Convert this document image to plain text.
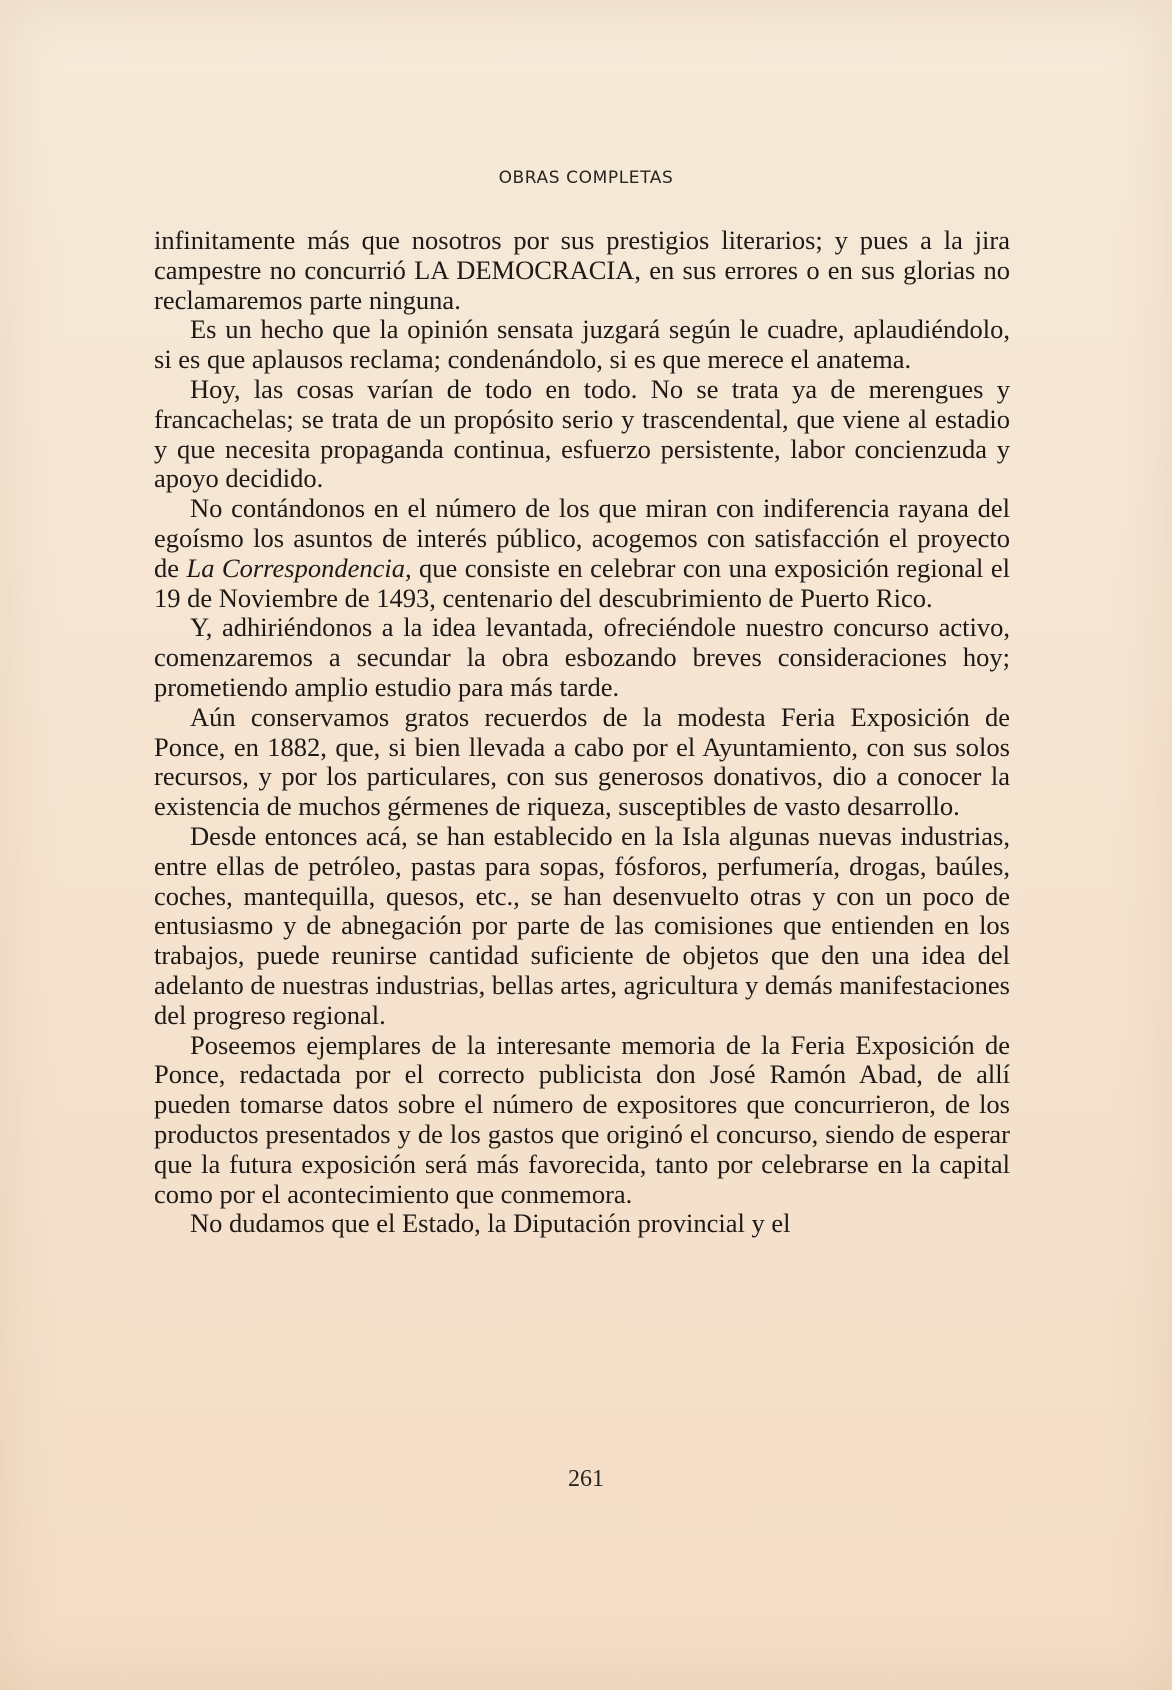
OBRAS COMPLETAS

infinitamente más que nosotros por sus prestigios literarios; y pues a la jira campestre no concurrió LA DEMOCRACIA, en sus errores o en sus glorias no reclamaremos parte ninguna.

Es un hecho que la opinión sensata juzgará según le cuadre, aplaudiéndolo, si es que aplausos reclama; condenándolo, si es que merece el anatema.

Hoy, las cosas varían de todo en todo. No se trata ya de merengues y francachelas; se trata de un propósito serio y trascendental, que viene al estadio y que necesita propaganda continua, esfuerzo persistente, labor concienzuda y apoyo decidido.

No contándonos en el número de los que miran con indiferencia rayana del egoísmo los asuntos de interés público, acogemos con satisfacción el proyecto de La Correspondencia, que consiste en celebrar con una exposición regional el 19 de Noviembre de 1493, centenario del descubrimiento de Puerto Rico.

Y, adhiriéndonos a la idea levantada, ofreciéndole nuestro concurso activo, comenzaremos a secundar la obra esbozando breves consideraciones hoy; prometiendo amplio estudio para más tarde.

Aún conservamos gratos recuerdos de la modesta Feria Exposición de Ponce, en 1882, que, si bien llevada a cabo por el Ayuntamiento, con sus solos recursos, y por los particulares, con sus generosos donativos, dio a conocer la existencia de muchos gérmenes de riqueza, susceptibles de vasto desarrollo.

Desde entonces acá, se han establecido en la Isla algunas nuevas industrias, entre ellas de petróleo, pastas para sopas, fósforos, perfumería, drogas, baúles, coches, mantequilla, quesos, etc., se han desenvuelto otras y con un poco de entusiasmo y de abnegación por parte de las comisiones que entienden en los trabajos, puede reunirse cantidad suficiente de objetos que den una idea del adelanto de nuestras industrias, bellas artes, agricultura y demás manifestaciones del progreso regional.

Poseemos ejemplares de la interesante memoria de la Feria Exposición de Ponce, redactada por el correcto publicista don José Ramón Abad, de allí pueden tomarse datos sobre el número de expositores que concurrieron, de los productos presentados y de los gastos que originó el concurso, siendo de esperar que la futura exposición será más favorecida, tanto por celebrarse en la capital como por el acontecimiento que conmemora.

No dudamos que el Estado, la Diputación provincial y el

261
